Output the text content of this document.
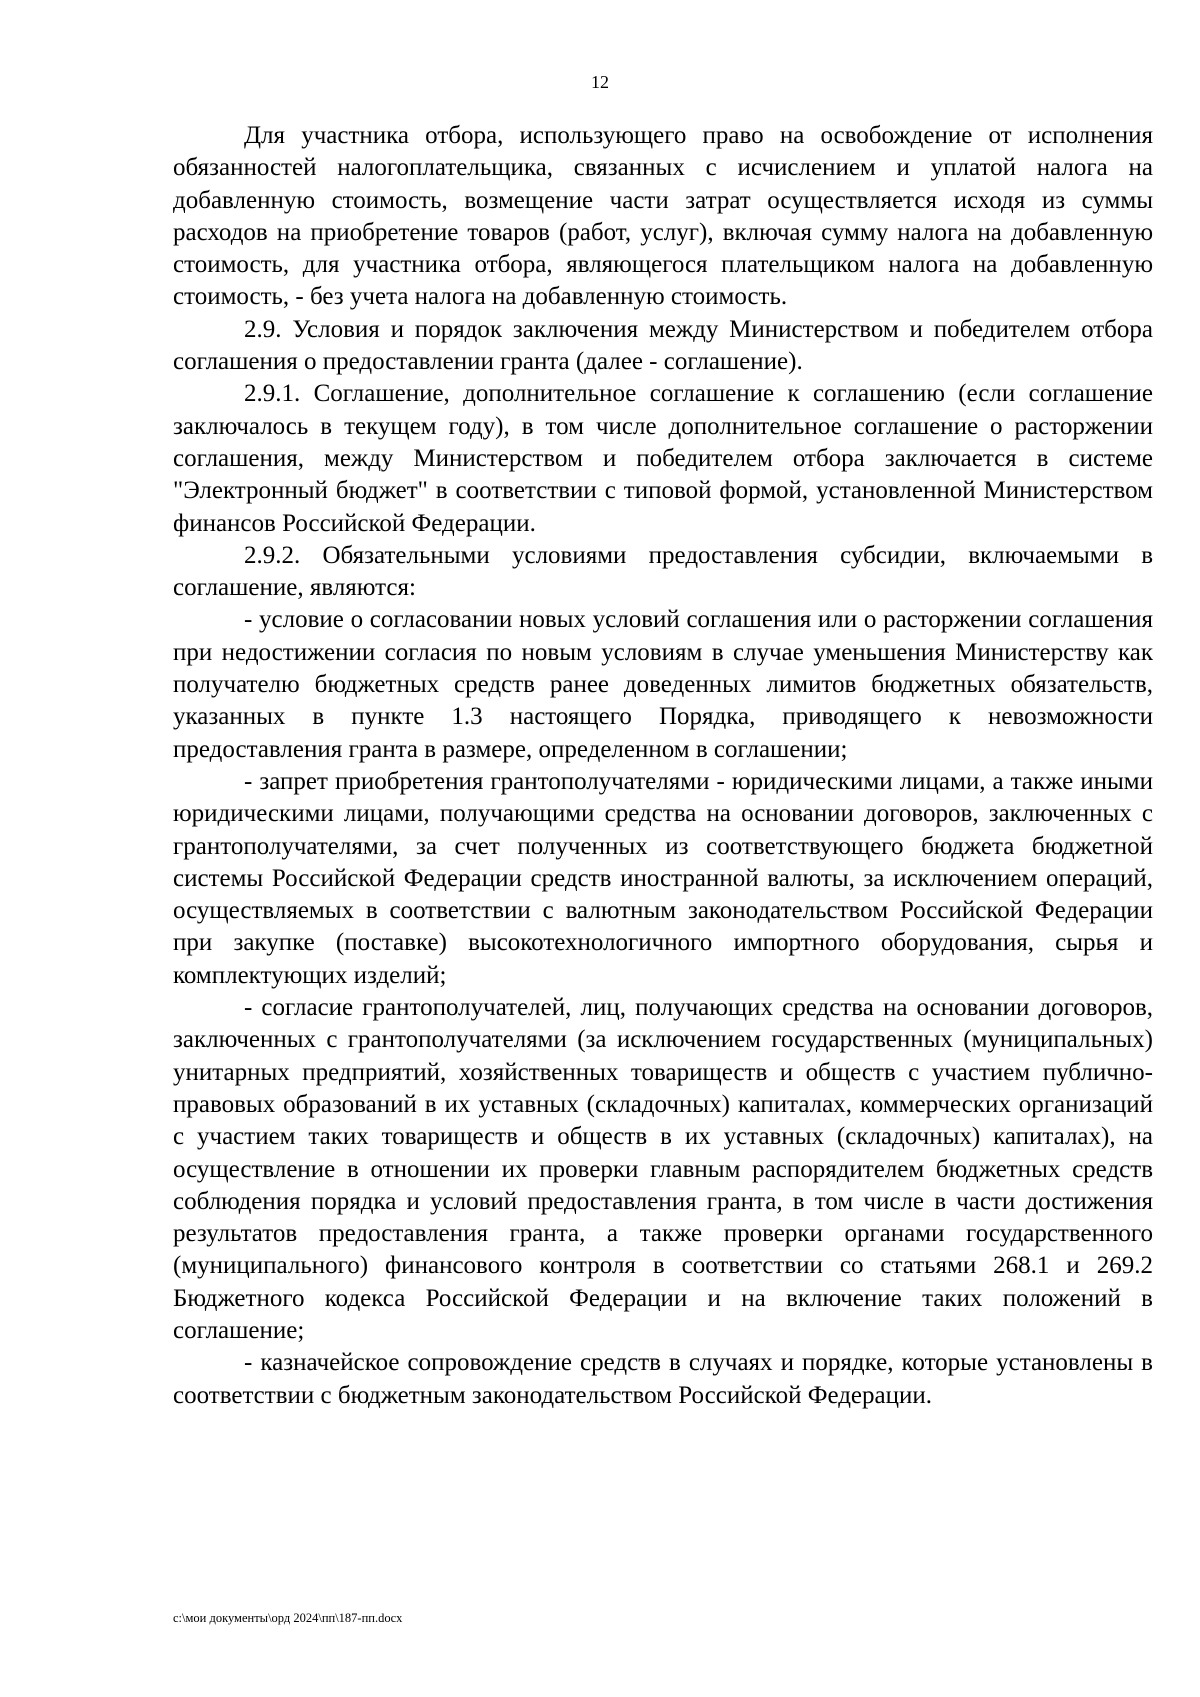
12

Для участника отбора, использующего право на освобождение от исполнения обязанностей налогоплательщика, связанных с исчислением и уплатой налога на добавленную стоимость, возмещение части затрат осуществляется исходя из суммы расходов на приобретение товаров (работ, услуг), включая сумму налога на добавленную стоимость, для участника отбора, являющегося плательщиком налога на добавленную стоимость, - без учета налога на добавленную стоимость.

2.9. Условия и порядок заключения между Министерством и победителем отбора соглашения о предоставлении гранта (далее - соглашение).

2.9.1. Соглашение, дополнительное соглашение к соглашению (если соглашение заключалось в текущем году), в том числе дополнительное соглашение о расторжении соглашения, между Министерством и победителем отбора заключается в системе "Электронный бюджет" в соответствии с типовой формой, установленной Министерством финансов Российской Федерации.

2.9.2. Обязательными условиями предоставления субсидии, включаемыми в соглашение, являются:

- условие о согласовании новых условий соглашения или о расторжении соглашения при недостижении согласия по новым условиям в случае уменьшения Министерству как получателю бюджетных средств ранее доведенных лимитов бюджетных обязательств, указанных в пункте 1.3 настоящего Порядка, приводящего к невозможности предоставления гранта в размере, определенном в соглашении;

- запрет приобретения грантополучателями - юридическими лицами, а также иными юридическими лицами, получающими средства на основании договоров, заключенных с грантополучателями, за счет полученных из соответствующего бюджета бюджетной системы Российской Федерации средств иностранной валюты, за исключением операций, осуществляемых в соответствии с валютным законодательством Российской Федерации при закупке (поставке) высокотехнологичного импортного оборудования, сырья и комплектующих изделий;

- согласие грантополучателей, лиц, получающих средства на основании договоров, заключенных с грантополучателями (за исключением государственных (муниципальных) унитарных предприятий, хозяйственных товариществ и обществ с участием публично-правовых образований в их уставных (складочных) капиталах, коммерческих организаций с участием таких товариществ и обществ в их уставных (складочных) капиталах), на осуществление в отношении их проверки главным распорядителем бюджетных средств соблюдения порядка и условий предоставления гранта, в том числе в части достижения результатов предоставления гранта, а также проверки органами государственного (муниципального) финансового контроля в соответствии со статьями 268.1 и 269.2 Бюджетного кодекса Российской Федерации и на включение таких положений в соглашение;

- казначейское сопровождение средств в случаях и порядке, которые установлены в соответствии с бюджетным законодательством Российской Федерации.

c:\мои документы\орд 2024\пп\187-пп.docx
